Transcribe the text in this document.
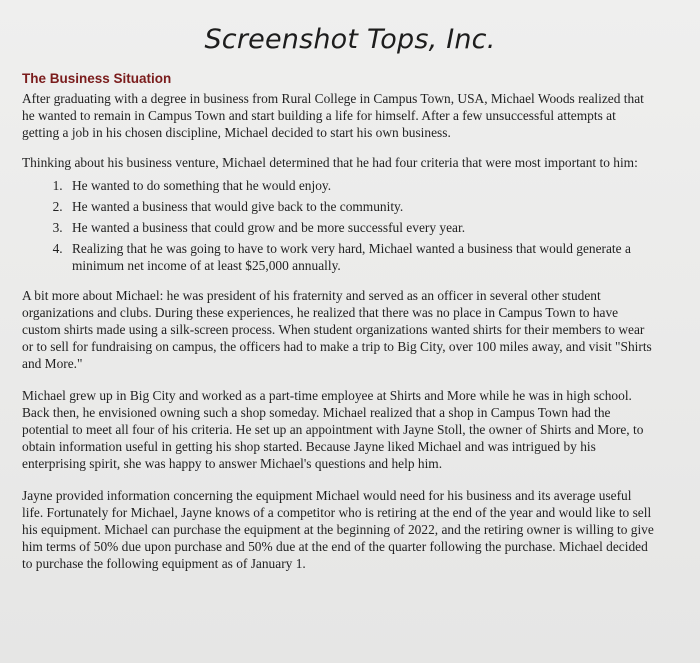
Screenshot Tops, Inc.
The Business Situation

After graduating with a degree in business from Rural College in Campus Town, USA, Michael Woods realized that he wanted to remain in Campus Town and start building a life for himself. After a few unsuccessful attempts at getting a job in his chosen discipline, Michael decided to start his own business.

Thinking about his business venture, Michael determined that he had four criteria that were most important to him:

1. He wanted to do something that he would enjoy.
2. He wanted a business that would give back to the community.
3. He wanted a business that could grow and be more successful every year.
4. Realizing that he was going to have to work very hard, Michael wanted a business that would generate a minimum net income of at least $25,000 annually.

A bit more about Michael: he was president of his fraternity and served as an officer in several other student organizations and clubs. During these experiences, he realized that there was no place in Campus Town to have custom shirts made using a silk-screen process. When student organizations wanted shirts for their members to wear or to sell for fundraising on campus, the officers had to make a trip to Big City, over 100 miles away, and visit "Shirts and More."

Michael grew up in Big City and worked as a part-time employee at Shirts and More while he was in high school. Back then, he envisioned owning such a shop someday. Michael realized that a shop in Campus Town had the potential to meet all four of his criteria. He set up an appointment with Jayne Stoll, the owner of Shirts and More, to obtain information useful in getting his shop started. Because Jayne liked Michael and was intrigued by his enterprising spirit, she was happy to answer Michael's questions and help him.

Jayne provided information concerning the equipment Michael would need for his business and its average useful life. Fortunately for Michael, Jayne knows of a competitor who is retiring at the end of the year and would like to sell his equipment. Michael can purchase the equipment at the beginning of 2022, and the retiring owner is willing to give him terms of 50% due upon purchase and 50% due at the end of the quarter following the purchase. Michael decided to purchase the following equipment as of January 1.
